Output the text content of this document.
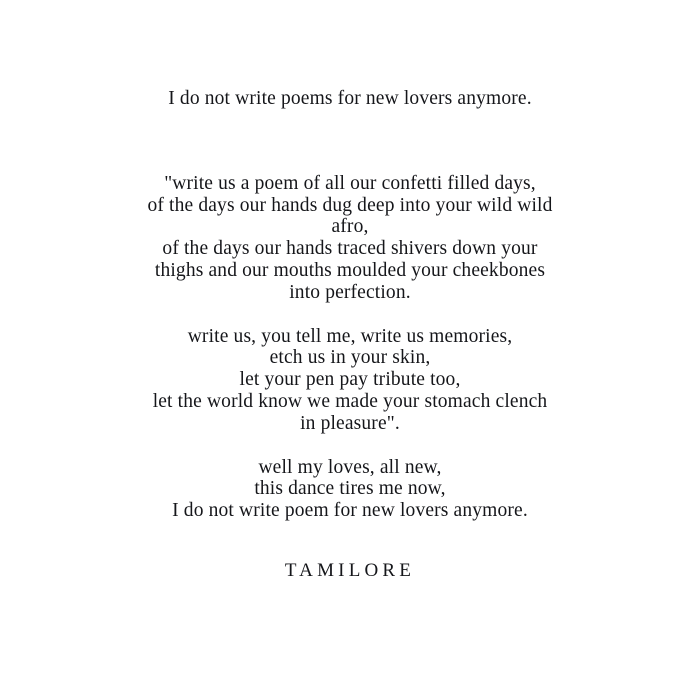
I do not write poems for new lovers anymore.
"write us a poem of all our confetti filled days,
of the days our hands dug deep into your wild wild
afro,
of the days our hands traced shivers down your
thighs and our mouths moulded your cheekbones
into perfection.
write us, you tell me, write us memories,
etch us in your skin,
let your pen pay tribute too,
let the world know we made your stomach clench
in pleasure".
well my loves, all new,
this dance tires me now,
I do not write poem for new lovers anymore.
TAMILORE
